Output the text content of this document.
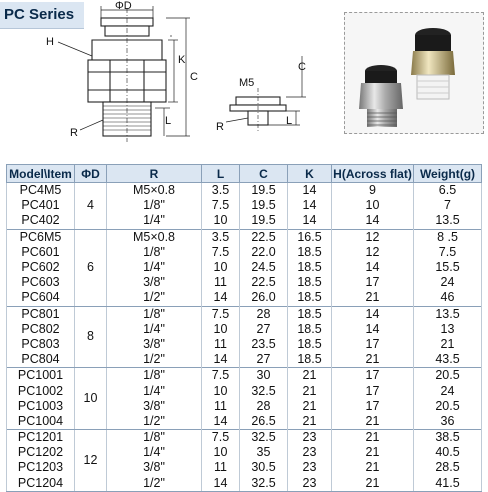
PC Series	ΦD
H
K
C
L
R
M5
C
L
R
Model\Item	ΦD	R	L	C	K	H(Across flat)	Weight(g)
PC4M5	4	M5×0.8	3.5	19.5	14	9	6.5
PC401		1/8"	7.5	19.5	14	10	7
PC402		1/4"	10	19.5	14	14	13.5
PC6M5	6	M5×0.8	3.5	22.5	16.5	12	8 .5
PC601		1/8"	7.5	22.0	18.5	12	7.5
PC602		1/4"	10	24.5	18.5	14	15.5
PC603		3/8"	11	22.5	18.5	17	24
PC604		1/2"	14	26.0	18.5	21	46
PC801	8	1/8"	7.5	28	18.5	14	13.5
PC802		1/4"	10	27	18.5	14	13
PC803		3/8"	11	23.5	18.5	17	21
PC804		1/2"	14	27	18.5	21	43.5
PC1001	10	1/8"	7.5	30	21	17	20.5
PC1002		1/4"	10	32.5	21	17	24
PC1003		3/8"	11	28	21	17	20.5
PC1004		1/2"	14	26.5	21	21	36
PC1201	12	1/8"	7.5	32.5	23	21	38.5
PC1202		1/4"	10	35	23	21	40.5
PC1203		3/8"	11	30.5	23	21	28.5
PC1204		1/2"	14	32.5	23	21	41.5
